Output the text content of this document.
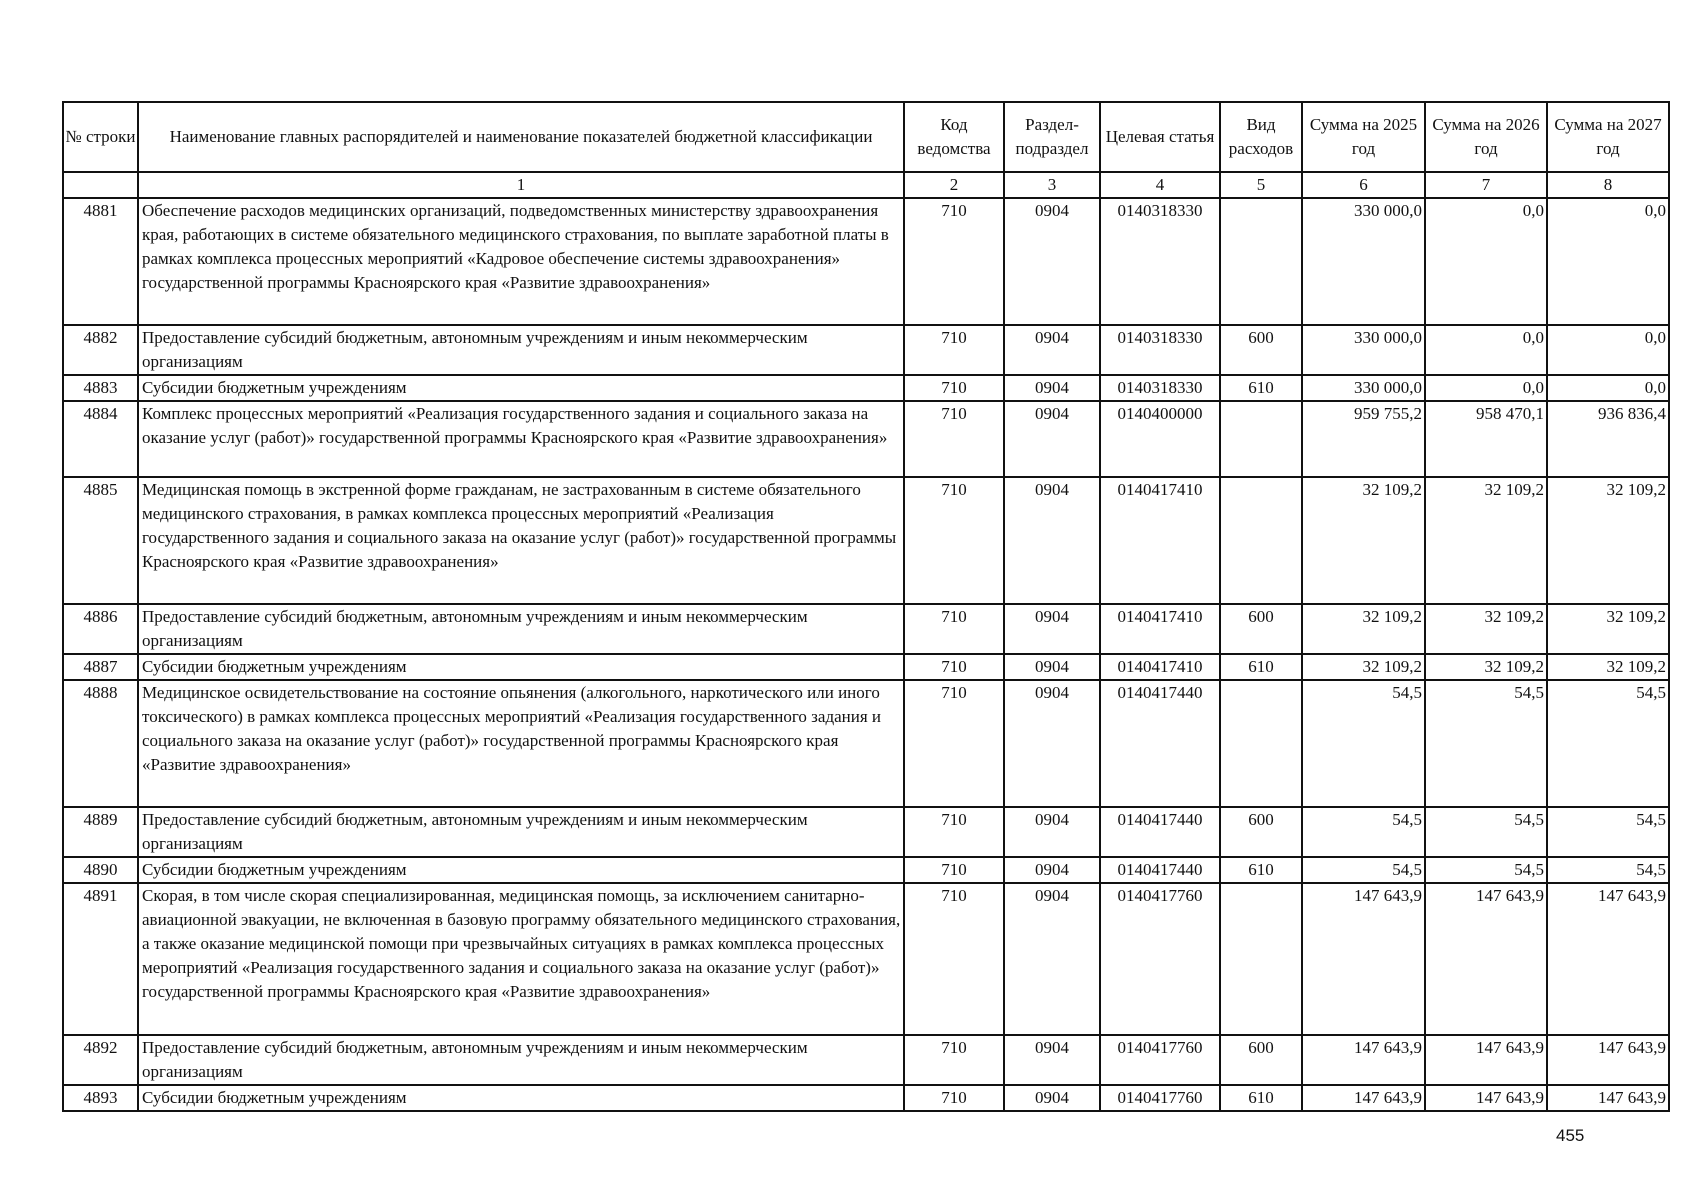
№ строки	Наименование главных распорядителей и наименование показателей бюджетной классификации	Код ведомства	Раздел-подраздел	Целевая статья	Вид расходов	Сумма на 2025 год	Сумма на 2026 год	Сумма на 2027 год
	1	2	3	4	5	6	7	8
4881	Обеспечение расходов медицинских организаций, подведомственных министерству здравоохранения края, работающих в системе обязательного медицинского страхования, по выплате заработной платы в рамках комплекса процессных мероприятий «Кадровое обеспечение системы здравоохранения» государственной программы Красноярского края «Развитие здравоохранения»	710	0904	0140318330		330 000,0	0,0	0,0
4882	Предоставление субсидий бюджетным, автономным учреждениям и иным некоммерческим организациям	710	0904	0140318330	600	330 000,0	0,0	0,0
4883	Субсидии бюджетным учреждениям	710	0904	0140318330	610	330 000,0	0,0	0,0
4884	Комплекс процессных мероприятий «Реализация государственного задания и социального заказа на оказание услуг (работ)» государственной программы Красноярского края «Развитие здравоохранения»	710	0904	0140400000		959 755,2	958 470,1	936 836,4
4885	Медицинская помощь в экстренной форме гражданам, не застрахованным в системе обязательного медицинского страхования, в рамках комплекса процессных мероприятий «Реализация государственного задания и социального заказа на оказание услуг (работ)» государственной программы Красноярского края «Развитие здравоохранения»	710	0904	0140417410		32 109,2	32 109,2	32 109,2
4886	Предоставление субсидий бюджетным, автономным учреждениям и иным некоммерческим организациям	710	0904	0140417410	600	32 109,2	32 109,2	32 109,2
4887	Субсидии бюджетным учреждениям	710	0904	0140417410	610	32 109,2	32 109,2	32 109,2
4888	Медицинское освидетельствование на состояние опьянения (алкогольного, наркотического или иного токсического) в рамках комплекса процессных мероприятий «Реализация государственного задания и социального заказа на оказание услуг (работ)» государственной программы Красноярского края «Развитие здравоохранения»	710	0904	0140417440		54,5	54,5	54,5
4889	Предоставление субсидий бюджетным, автономным учреждениям и иным некоммерческим организациям	710	0904	0140417440	600	54,5	54,5	54,5
4890	Субсидии бюджетным учреждениям	710	0904	0140417440	610	54,5	54,5	54,5
4891	Скорая, в том числе скорая специализированная, медицинская помощь, за исключением санитарно-авиационной эвакуации, не включенная в базовую программу обязательного медицинского страхования, а также оказание медицинской помощи при чрезвычайных ситуациях в рамках комплекса процессных мероприятий «Реализация государственного задания и социального заказа на оказание услуг (работ)» государственной программы Красноярского края «Развитие здравоохранения»	710	0904	0140417760		147 643,9	147 643,9	147 643,9
4892	Предоставление субсидий бюджетным, автономным учреждениям и иным некоммерческим организациям	710	0904	0140417760	600	147 643,9	147 643,9	147 643,9
4893	Субсидии бюджетным учреждениям	710	0904	0140417760	610	147 643,9	147 643,9	147 643,9
455
